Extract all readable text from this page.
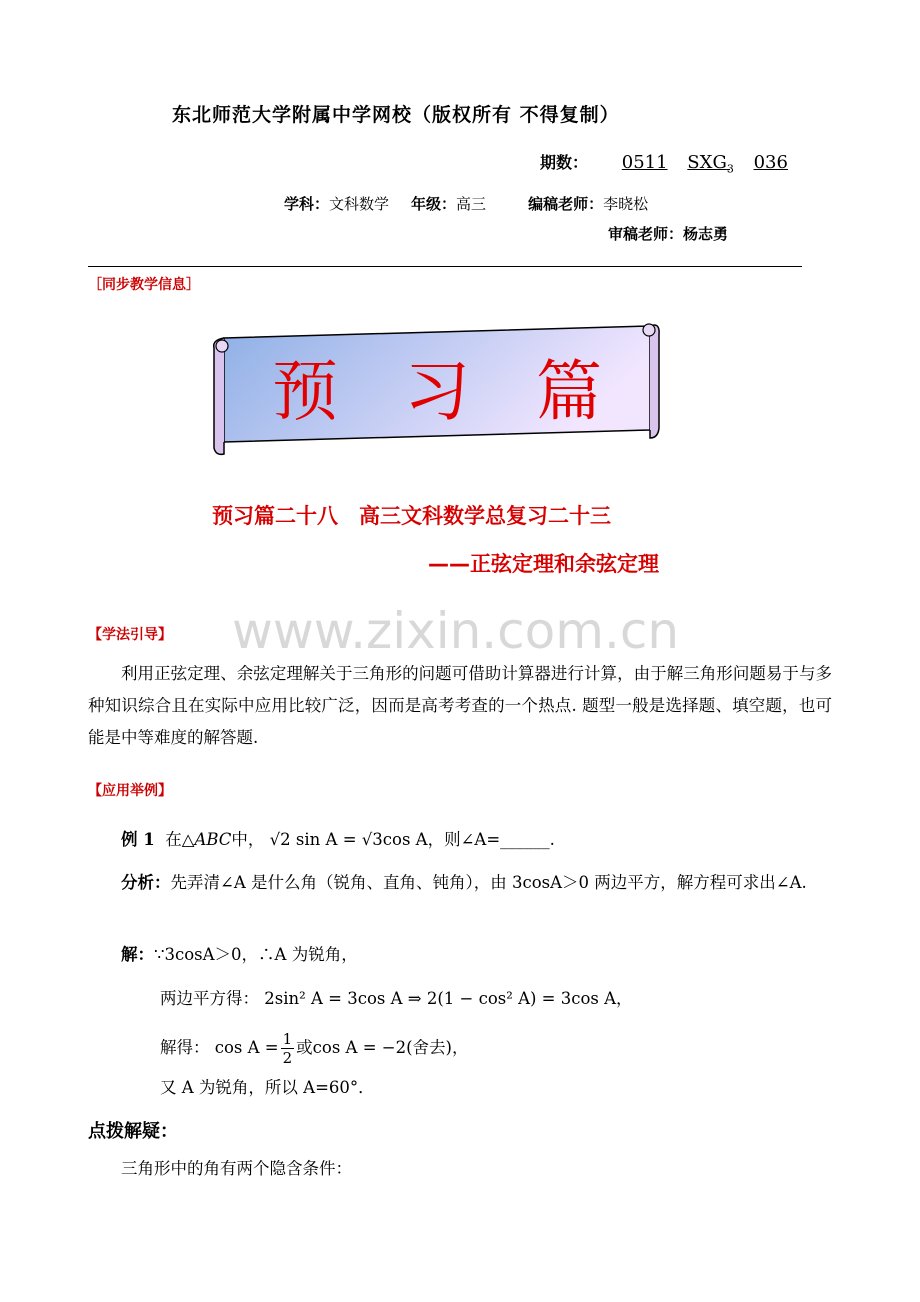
东北师范大学附属中学网校（版权所有 不得复制）
期数： 0511 $SXG_3$ 036
学科：文科数学 年级：高三	编稿老师：李晓松
审稿老师：杨志勇
［同步教学信息］
预　习　篇
预习篇二十八　高三文科数学总复习二十三
——正弦定理和余弦定理
www.zixin.com.cn
【学法引导】
利用正弦定理、余弦定理解关于三角形的问题可借助计算器进行计算，由于解三角形问题易于与多种知识综合且在实际中应用比较广泛，因而是高考考查的一个热点. 题型一般是选择题、填空题，也可能是中等难度的解答题.
【应用举例】
例 1 在△ABC中， √2 sin A = √3cos A，则∠A=______.
分析：先弄清∠A 是什么角（锐角、直角、钝角），由 3cosA＞0 两边平方，解方程可求出∠A.
解：∵3cosA＞0，∴A 为锐角，
两边平方得： 2sin² A = 3cos A ⇒ 2(1 − cos² A) = 3cos A，
解得： $\cos A = \frac{1}{2}$ 或cos A = −2(舍去)，
又 A 为锐角，所以 A=60°．
点拨解疑：
三角形中的角有两个隐含条件：
